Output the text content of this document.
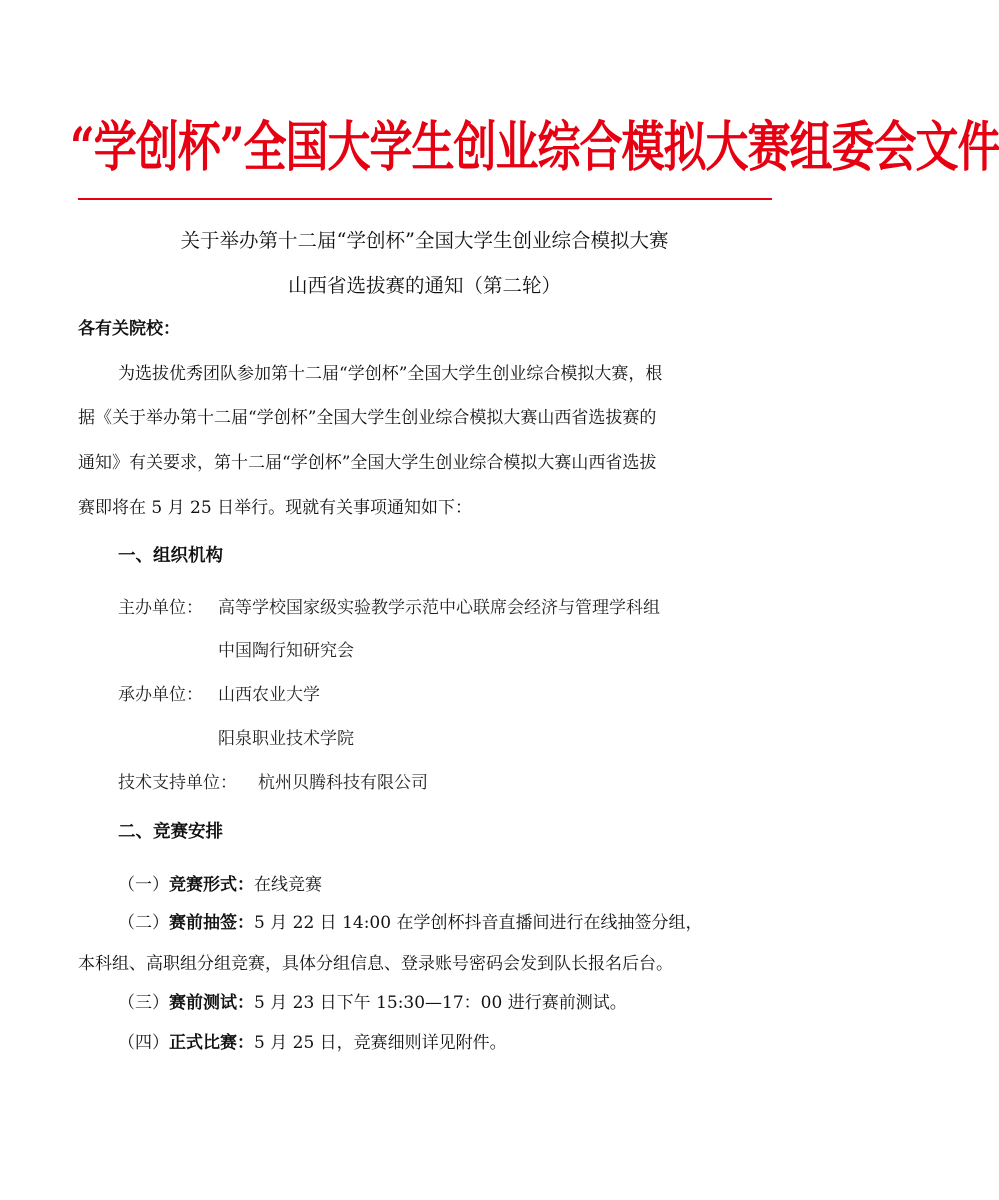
“学创杯”全国大学生创业综合模拟大赛组委会文件
关于举办第十二届“学创杯”全国大学生创业综合模拟大赛
山西省选拔赛的通知（第二轮）
各有关院校：
为选拔优秀团队参加第十二届“学创杯”全国大学生创业综合模拟大赛，根
据《关于举办第十二届“学创杯”全国大学生创业综合模拟大赛山西省选拔赛的
通知》有关要求，第十二届“学创杯”全国大学生创业综合模拟大赛山西省选拔
赛即将在 5 月 25 日举行。现就有关事项通知如下：
一、组织机构
主办单位： 高等学校国家级实验教学示范中心联席会经济与管理学科组
中国陶行知研究会
承办单位： 山西农业大学
阳泉职业技术学院
技术支持单位： 杭州贝腾科技有限公司
二、竞赛安排
（一）竞赛形式：在线竞赛
（二）赛前抽签：5 月 22 日 14:00 在学创杯抖音直播间进行在线抽签分组，
本科组、高职组分组竞赛，具体分组信息、登录账号密码会发到队长报名后台。
（三）赛前测试：5 月 23 日下午 15:30—17：00 进行赛前测试。
（四）正式比赛：5 月 25 日，竞赛细则详见附件。
